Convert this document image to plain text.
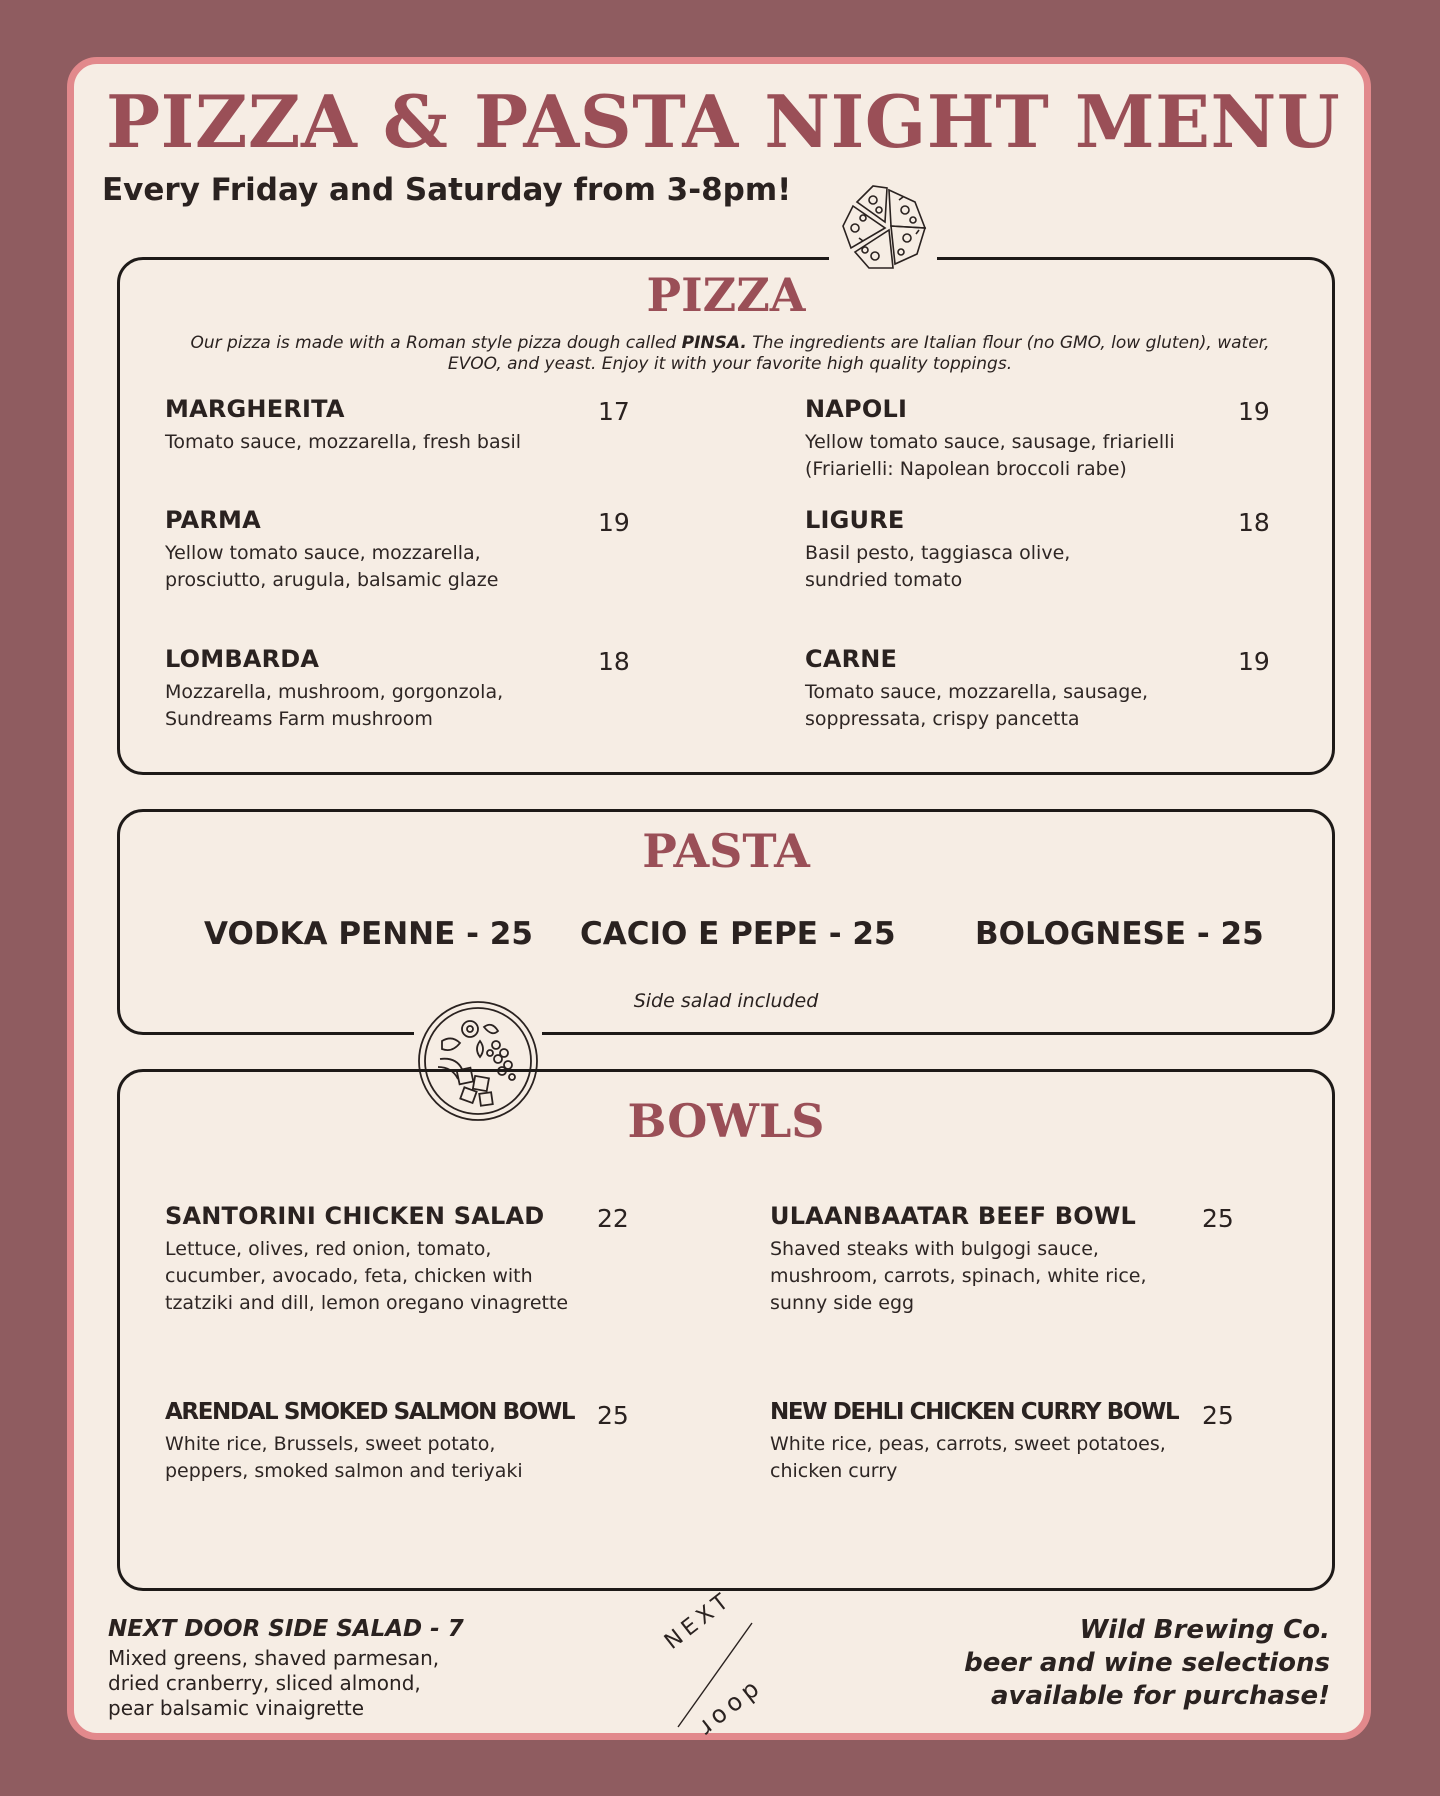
PIZZA & PASTA NIGHT MENU
Every Friday and Saturday from 3-8pm!
PIZZA
Our pizza is made with a Roman style pizza dough called PINSA. The ingredients are Italian flour (no GMO, low gluten), water, EVOO, and yeast. Enjoy it with your favorite high quality toppings.
MARGHERITA	17
Tomato sauce, mozzarella, fresh basil
NAPOLI	19
Yellow tomato sauce, sausage, friarielli (Friarielli: Napolean broccoli rabe)
PARMA	19
Yellow tomato sauce, mozzarella, prosciutto, arugula, balsamic glaze
LIGURE	18
Basil pesto, taggiasca olive, sundried tomato
LOMBARDA	18
Mozzarella, mushroom, gorgonzola, Sundreams Farm mushroom
CARNE	19
Tomato sauce, mozzarella, sausage, soppressata, crispy pancetta
PASTA
VODKA PENNE - 25 CACIO E PEPE - 25	BOLOGNESE - 25
Side salad included
BOWLS
SANTORINI CHICKEN SALAD	22
Lettuce, olives, red onion, tomato, cucumber, avocado, feta, chicken with tzatziki and dill, lemon oregano vinagrette
ULAANBAATAR BEEF BOWL	25
Shaved steaks with bulgogi sauce, mushroom, carrots, spinach, white rice, sunny side egg
ARENDAL SMOKED SALMON BOWL 25
White rice, Brussels, sweet potato, peppers, smoked salmon and teriyaki
NEW DEHLI CHICKEN CURRY BOWL 25
White rice, peas, carrots, sweet potatoes, chicken curry
NEXT DOOR SIDE SALAD - 7
Mixed greens, shaved parmesan,
dried cranberry, sliced almond,
pear balsamic vinaigrette
NEXT
door
Wild Brewing Co.
beer and wine selections
available for purchase!
